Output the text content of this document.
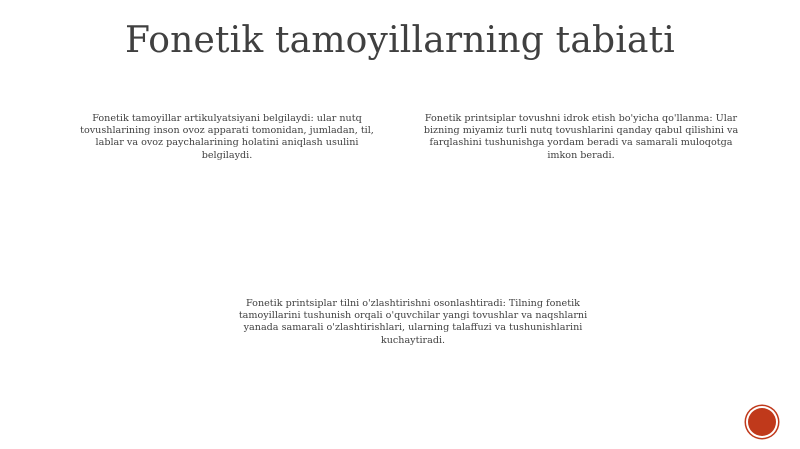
Fonetik tamoyillarning tabiati
Fonetik tamoyillar artikulyatsiyani belgilaydi: ular nutq tovushlarining inson ovoz apparati tomonidan, jumladan, til, lablar va ovoz paychalarining holatini aniqlash usulini belgilaydi.
Fonetik printsiplar tovushni idrok etish bo'yicha qo'llanma: Ular bizning miyamiz turli nutq tovushlarini qanday qabul qilishini va farqlashini tushunishga yordam beradi va samarali muloqotga imkon beradi.
Fonetik printsiplar tilni o'zlashtirishni osonlashtiradi: Tilning fonetik tamoyillarini tushunish orqali o'quvchilar yangi tovushlar va naqshlarni yanada samarali o'zlashtirishlari, ularning talaffuzi va tushunishlarini kuchaytiradi.
